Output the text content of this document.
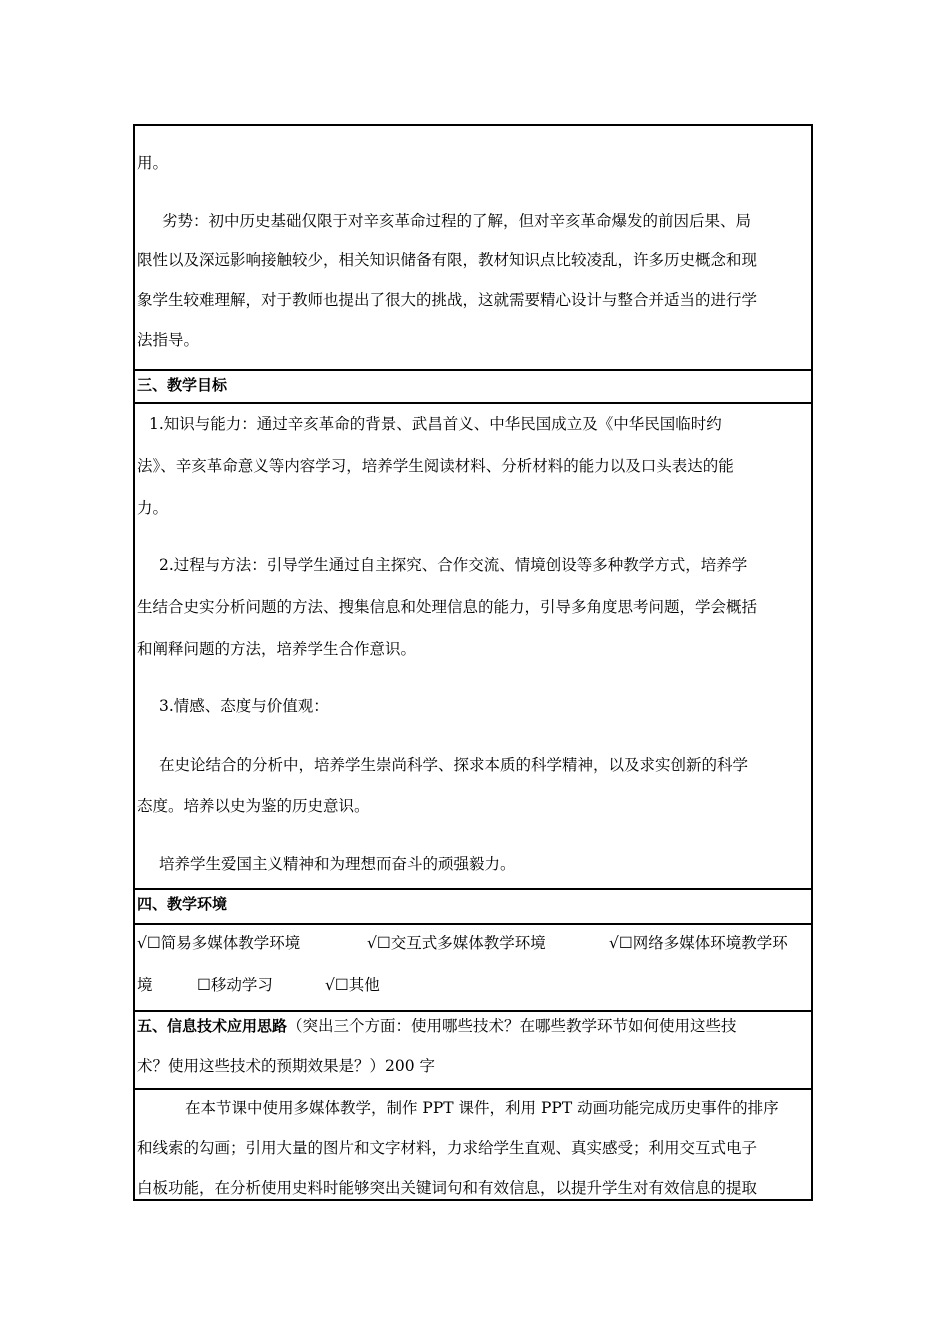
用。
劣势：初中历史基础仅限于对辛亥革命过程的了解，但对辛亥革命爆发的前因后果、局
限性以及深远影响接触较少，相关知识储备有限，教材知识点比较凌乱，许多历史概念和现
象学生较难理解，对于教师也提出了很大的挑战，这就需要精心设计与整合并适当的进行学
法指导。
三、教学目标
1.知识与能力：通过辛亥革命的背景、武昌首义、中华民国成立及《中华民国临时约
法》、辛亥革命意义等内容学习，培养学生阅读材料、分析材料的能力以及口头表达的能
力。
2.过程与方法：引导学生通过自主探究、合作交流、情境创设等多种教学方式，培养学
生结合史实分析问题的方法、搜集信息和处理信息的能力，引导多角度思考问题，学会概括
和阐释问题的方法，培养学生合作意识。
3.情感、态度与价值观：
在史论结合的分析中，培养学生崇尚科学、探求本质的科学精神，以及求实创新的科学
态度。培养以史为鉴的历史意识。
培养学生爱国主义精神和为理想而奋斗的顽强毅力。
四、教学环境
√☐简易多媒体教学环境	√☐交互式多媒体教学环境	√☐网络多媒体环境教学环
境	☐移动学习	√☐其他
五、信息技术应用思路（突出三个方面：使用哪些技术？在哪些教学环节如何使用这些技
术？使用这些技术的预期效果是？）200 字
在本节课中使用多媒体教学，制作 PPT 课件，利用 PPT 动画功能完成历史事件的排序
和线索的勾画；引用大量的图片和文字材料，力求给学生直观、真实感受；利用交互式电子
白板功能，在分析使用史料时能够突出关键词句和有效信息，以提升学生对有效信息的提取
